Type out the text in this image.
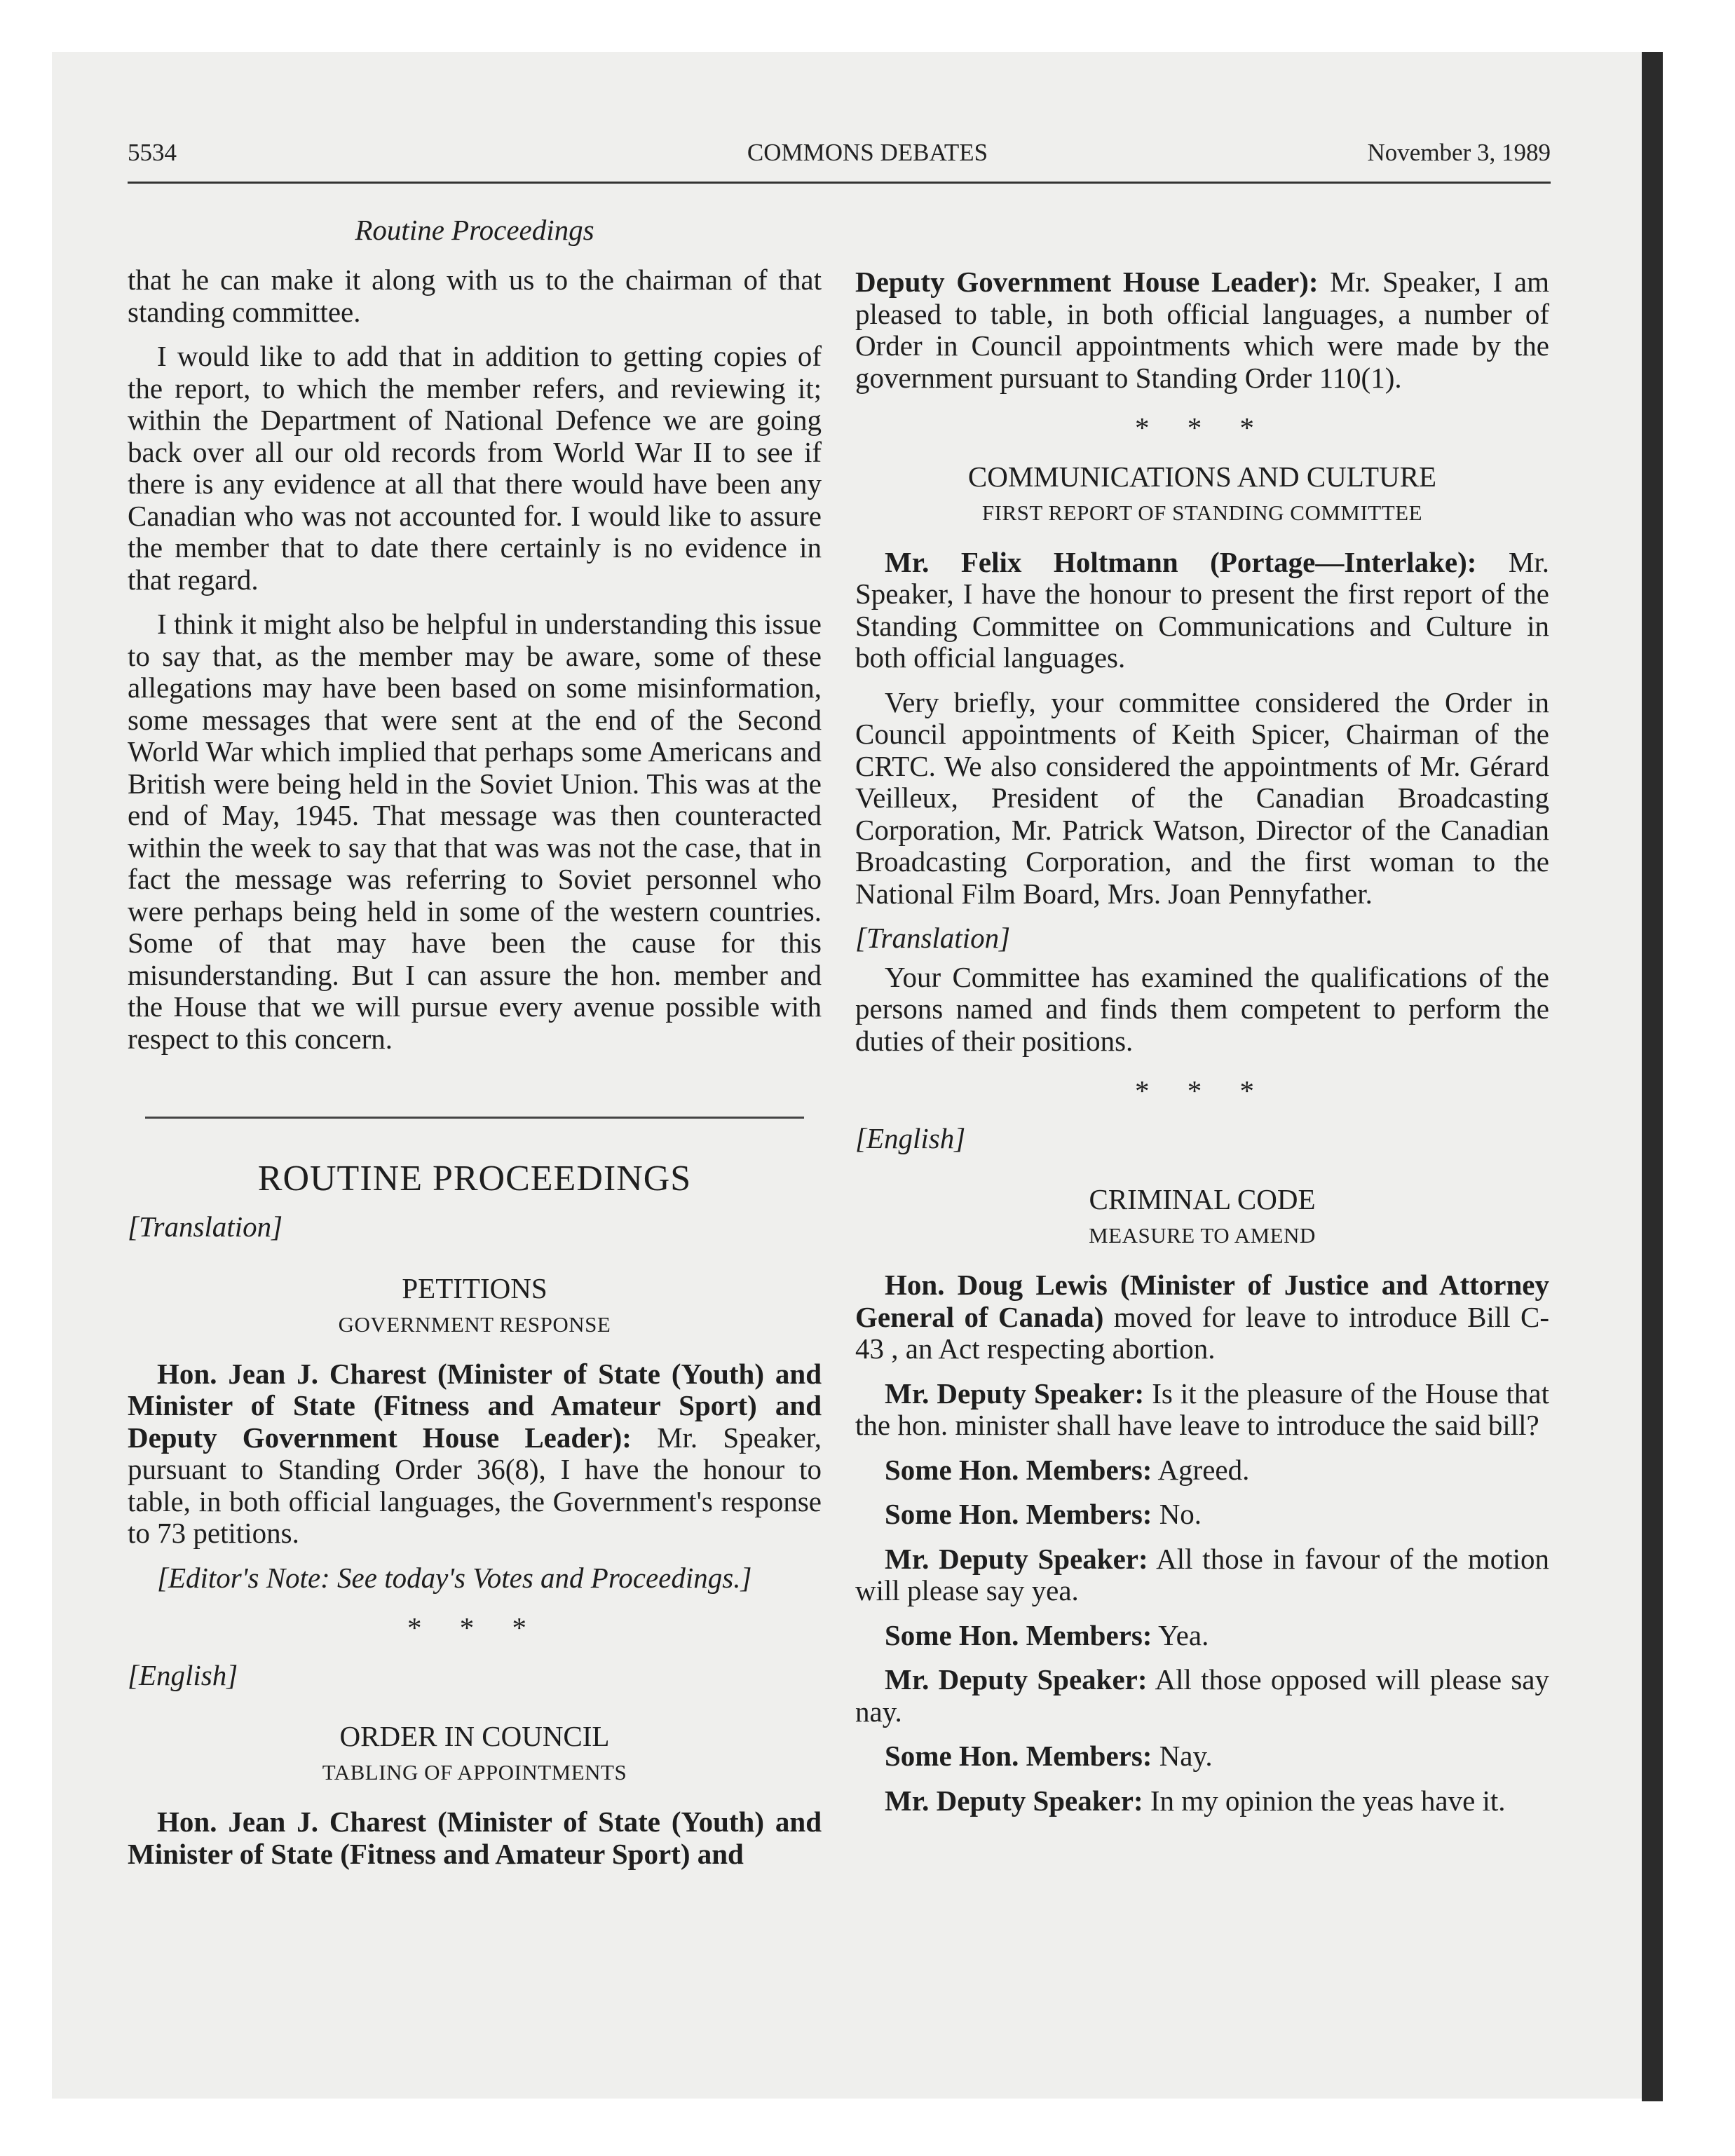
5534	COMMONS DEBATES	November 3, 1989
Routine Proceedings

that he can make it along with us to the chairman of that standing committee.

I would like to add that in addition to getting copies of the report, to which the member refers, and reviewing it; within the Department of National Defence we are going back over all our old records from World War II to see if there is any evidence at all that there would have been any Canadian who was not accounted for. I would like to assure the member that to date there certainly is no evidence in that regard.

I think it might also be helpful in understanding this issue to say that, as the member may be aware, some of these allegations may have been based on some misinformation, some messages that were sent at the end of the Second World War which implied that perhaps some Americans and British were being held in the Soviet Union. This was at the end of May, 1945. That message was then counteracted within the week to say that that was was not the case, that in fact the message was referring to Soviet personnel who were perhaps being held in some of the western countries. Some of that may have been the cause for this misunderstanding. But I can assure the hon. member and the House that we will pursue every avenue possible with respect to this concern.

ROUTINE PROCEEDINGS
[Translation]
PETITIONS
GOVERNMENT RESPONSE

Hon. Jean J. Charest (Minister of State (Youth) and Minister of State (Fitness and Amateur Sport) and Deputy Government House Leader): Mr. Speaker, pursuant to Standing Order 36(8), I have the honour to table, in both official languages, the Government's response to 73 petitions.

[Editor's Note: See today's Votes and Proceedings.]

* * *
[English]
ORDER IN COUNCIL
TABLING OF APPOINTMENTS

Hon. Jean J. Charest (Minister of State (Youth) and Minister of State (Fitness and Amateur Sport) and

Deputy Government House Leader): Mr. Speaker, I am pleased to table, in both official languages, a number of Order in Council appointments which were made by the government pursuant to Standing Order 110(1).

* * *
COMMUNICATIONS AND CULTURE
FIRST REPORT OF STANDING COMMITTEE

Mr. Felix Holtmann (Portage—Interlake): Mr. Speaker, I have the honour to present the first report of the Standing Committee on Communications and Culture in both official languages.

Very briefly, your committee considered the Order in Council appointments of Keith Spicer, Chairman of the CRTC. We also considered the appointments of Mr. Gérard Veilleux, President of the Canadian Broadcasting Corporation, Mr. Patrick Watson, Director of the Canadian Broadcasting Corporation, and the first woman to the National Film Board, Mrs. Joan Pennyfather.

[Translation]

Your Committee has examined the qualifications of the persons named and finds them competent to perform the duties of their positions.

* * *
[English]
CRIMINAL CODE
MEASURE TO AMEND

Hon. Doug Lewis (Minister of Justice and Attorney General of Canada) moved for leave to introduce Bill C-43 , an Act respecting abortion.

Mr. Deputy Speaker: Is it the pleasure of the House that the hon. minister shall have leave to introduce the said bill?

Some Hon. Members: Agreed.

Some Hon. Members: No.

Mr. Deputy Speaker: All those in favour of the motion will please say yea.

Some Hon. Members: Yea.

Mr. Deputy Speaker: All those opposed will please say nay.

Some Hon. Members: Nay.

Mr. Deputy Speaker: In my opinion the yeas have it.
